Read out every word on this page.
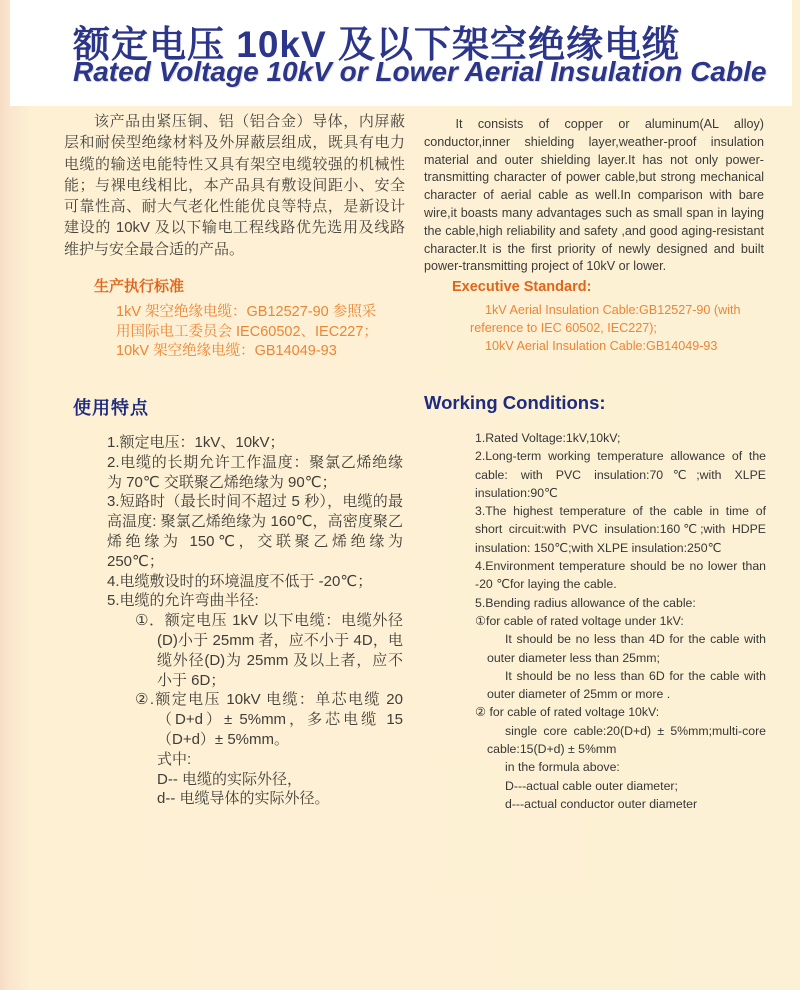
额定电压 10kV 及以下架空绝缘电缆
Rated Voltage 10kV or Lower Aerial Insulation Cable
该产品由紧压铜、铝（铝合金）导体，内屏蔽层和耐侯型绝缘材料及外屏蔽层组成，既具有电力电缆的输送电能特性又具有架空电缆较强的机械性能；与裸电线相比，本产品具有敷设间距小、安全可靠性高、耐大气老化性能优良等特点，是新设计建设的 10kV 及以下输电工程线路优先选用及线路维护与安全最合适的产品。
It consists of copper or aluminum(AL alloy) conductor,inner shielding layer,weather-proof insulation material and outer shielding layer.It has not only power-transmitting character of power cable,but strong mechanical character of aerial cable as well.In comparison with bare wire,it boasts many advantages such as small span in laying the cable,high reliability and safety ,and good aging-resistant character.It is the first priority of newly designed and built power-transmitting project of 10kV or lower.
生产执行标准
1kV 架空绝缘电缆：GB12527-90 参照采用国际电工委员会 IEC60502、IEC227；
10kV 架空绝缘电缆：GB14049-93
Executive Standard:
1kV Aerial Insulation Cable:GB12527-90 (with reference to IEC 60502, IEC227);
10kV Aerial Insulation Cable:GB14049-93
使用特点
1.额定电压：1kV、10kV；
2.电缆的长期允许工作温度：聚氯乙烯绝缘为 70℃ 交联聚乙烯绝缘为 90℃；
3.短路时（最长时间不超过 5 秒），电缆的最高温度: 聚氯乙烯绝缘为 160℃，高密度聚乙烯绝缘为 150℃，交联聚乙烯绝缘为 250℃；
4.电缆敷设时的环境温度不低于 -20℃；
5.电缆的允许弯曲半径:
①．额定电压 1kV 以下电缆：电缆外径(D)小于 25mm 者，应不小于 4D，电缆外径(D)为 25mm 及以上者，应不小于 6D；
②.额定电压 10kV 电缆：单芯电缆 20（D+d）± 5%mm，多芯电缆 15（D+d）± 5%mm。
式中:
D-- 电缆的实际外径，
d-- 电缆导体的实际外径。
Working Conditions:
1.Rated Voltage:1kV,10kV;
2.Long-term working temperature allowance of the cable: with PVC insulation:70℃;with XLPE insulation:90℃
3.The highest temperature of the cable in time of short circuit:with PVC insulation:160℃;with HDPE insulation: 150℃;with XLPE insulation:250℃
4.Environment temperature should be no lower than -20 ℃for laying the cable.
5.Bending radius allowance of the cable:
①for cable of rated voltage under 1kV:
It should be no less than 4D for the cable with outer diameter less than 25mm;
It should be no less than 6D for the cable with outer diameter of 25mm or more .
② for cable of rated voltage 10kV:
single core cable:20(D+d) ± 5%mm;multi-core cable:15(D+d) ± 5%mm
in the formula above:
D---actual cable outer diameter;
d---actual conductor outer diameter
